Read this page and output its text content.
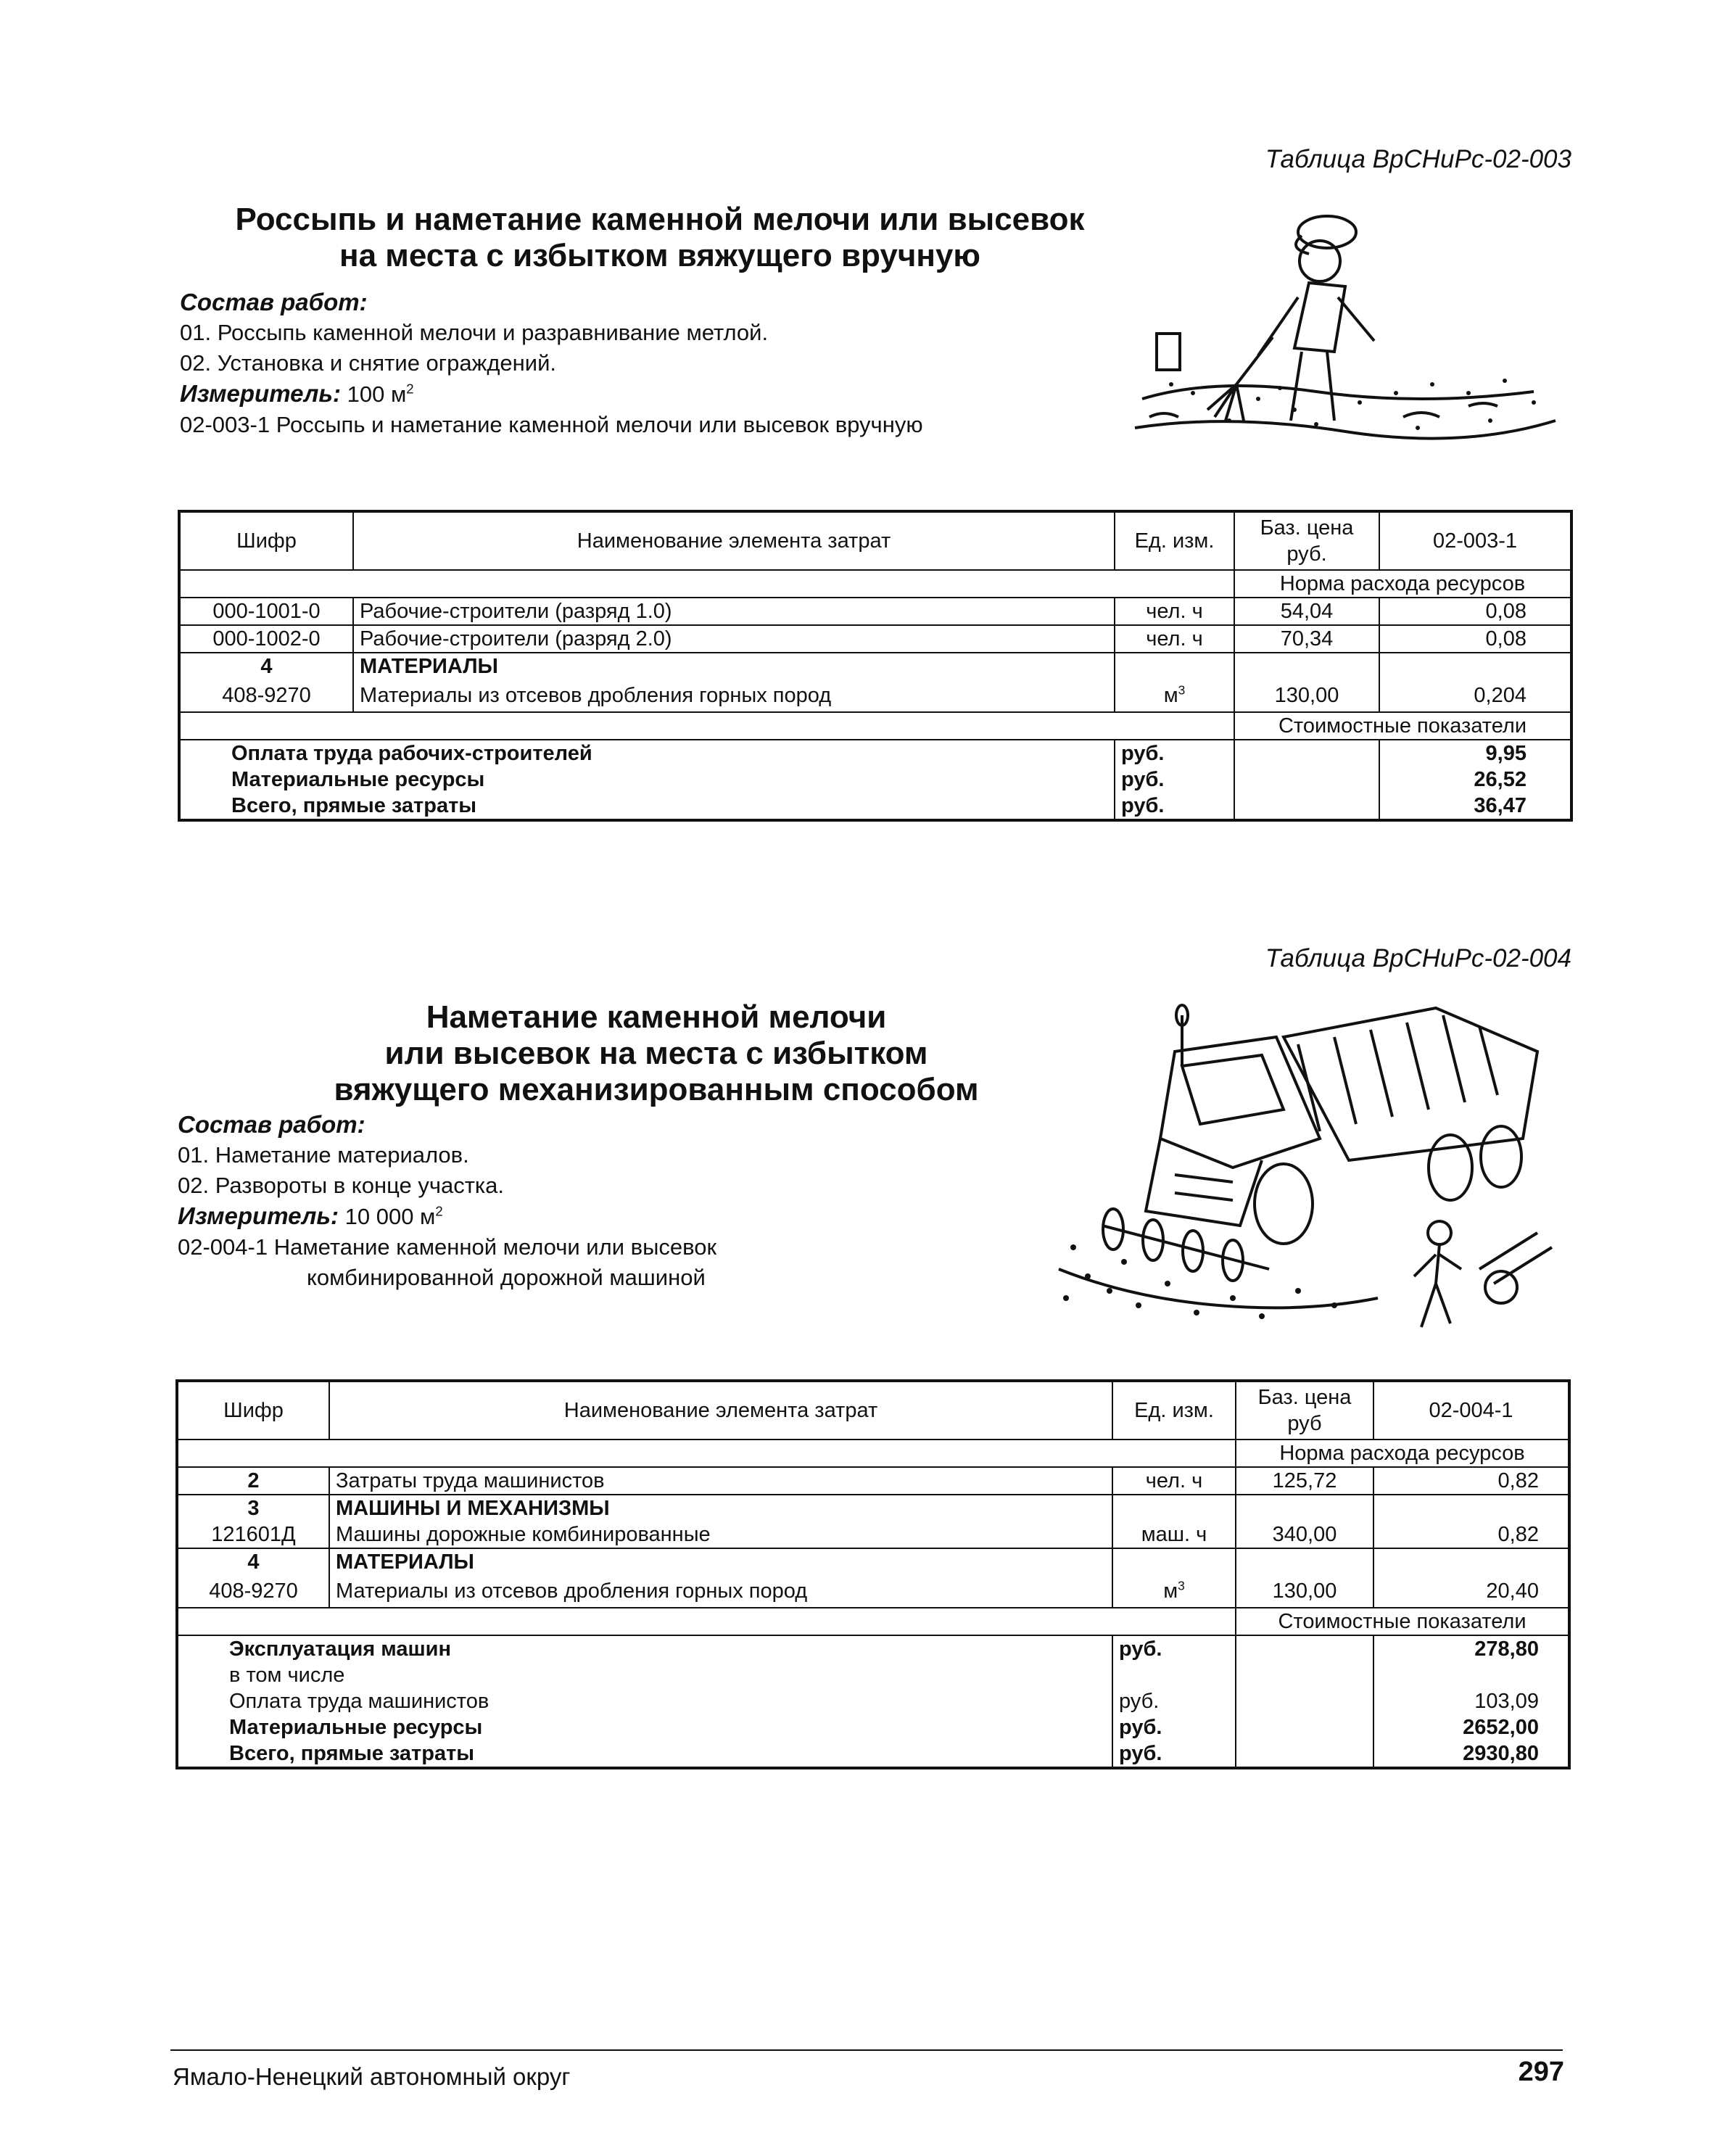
Таблица ВрСНиРс-02-003
Россыпь и наметание каменной мелочи или высевок
на места с избытком вяжущего вручную
Состав работ:
01. Россыпь каменной мелочи и разравнивание метлой.
02. Установка и снятие ограждений.
Измеритель: 100 $м^2$
02-003-1 Россыпь и наметание каменной мелочи или высевок вручную
Шифр	Наименование элемента затрат	Ед. изм.	Баз. цена руб.	02-003-1
			Норма расхода ресурсов	
000-1001-0	Рабочие-строители (разряд 1.0)	чел. ч	54,04	0,08
000-1002-0	Рабочие-строители (разряд 2.0)	чел. ч	70,34	0,08
4	МАТЕРИАЛЫ			
408-9270	Материалы из отсевов дробления горных пород	$м^3$	130,00	0,204
			Стоимостные показатели	
Оплата труда рабочих-строителей		руб.		9,95
Материальные ресурсы		руб.		26,52
Всего, прямые затраты		руб.		36,47
Таблица ВрСНиРс-02-004
Наметание каменной мелочи
или высевок на места с избытком
вяжущего механизированным способом
Состав работ:
01. Наметание материалов.
02. Развороты в конце участка.
Измеритель: 10 000 $м^2$
02-004-1 Наметание каменной мелочи или высевок
комбинированной дорожной машиной
Шифр	Наименование элемента затрат	Ед. изм.	Баз. цена руб	02-004-1
			Норма расхода ресурсов	
2	Затраты труда машинистов	чел. ч	125,72	0,82
3	МАШИНЫ И МЕХАНИЗМЫ			
121601Д	Машины дорожные комбинированные	маш. ч	340,00	0,82
4	МАТЕРИАЛЫ			
408-9270	Материалы из отсевов дробления горных пород	$м^3$	130,00	20,40
			Стоимостные показатели	
Эксплуатация машин		руб.		278,80
в том числе				
Оплата труда машинистов		руб.		103,09
Материальные ресурсы		руб.		2652,00
Всего, прямые затраты		руб.		2930,80
Ямало-Ненецкий автономный округ	297
